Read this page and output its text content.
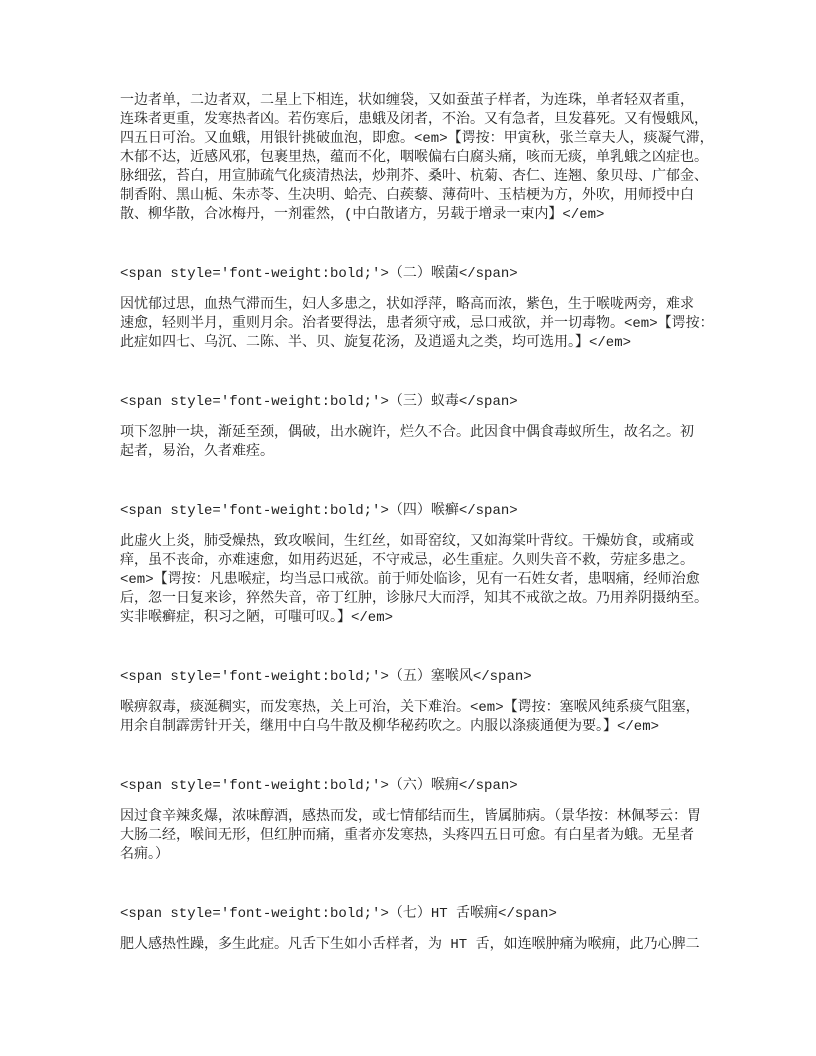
一边者单，二边者双，二星上下相连，状如缠袋，又如蚕茧子样者，为连珠，单者轻双者重，
连珠者更重，发寒热者凶。若伤寒后，患蛾及闭者，不治。又有急者，旦发暮死。又有慢蛾风，
四五日可治。又血蛾，用银针挑破血泡，即愈。<em>【谔按：甲寅秋，张兰章夫人，痰凝气滞，
木郁不达，近感风邪，包裹里热，蕴而不化，咽喉偏右白腐头痛，咳而无痰，单乳蛾之凶症也。
脉细弦，苔白，用宣肺疏气化痰清热法，炒荆芥、桑叶、杭菊、杏仁、连翘、象贝母、广郁金、
制香附、黑山栀、朱赤苓、生决明、蛤壳、白蒺藜、薄荷叶、玉桔梗为方，外吹，用师授中白
散、柳华散，合冰梅丹，一剂霍然，(中白散诸方，另载于增录一束内】</em>
<span style='font-weight:bold;'>（二）喉菌</span>
因忧郁过思，血热气滞而生，妇人多患之，状如浮萍，略高而浓，紫色，生于喉咙两旁，难求
速愈，轻则半月，重则月余。治者要得法，患者须守戒，忌口戒欲，并一切毒物。<em>【谔按：
此症如四七、乌沉、二陈、半、贝、旋复花汤，及逍遥丸之类，均可选用。】</em>
<span style='font-weight:bold;'>（三）蚁毒</span>
项下忽肿一块，渐延至颈，偶破，出水碗许，烂久不合。此因食中偶食毒蚁所生，故名之。初
起者，易治，久者难痊。
<span style='font-weight:bold;'>（四）喉癣</span>
此虚火上炎，肺受燥热，致攻喉间，生红丝，如哥窑纹，又如海棠叶背纹。干燥妨食，或痛或
痒，虽不丧命，亦难速愈，如用药迟延，不守戒忌，必生重症。久则失音不救，劳症多患之。
<em>【谔按：凡患喉症，均当忌口戒欲。前于师处临诊，见有一石姓女者，患咽痛，经师治愈
后，忽一日复来诊，猝然失音，帝丁红肿，诊脉尺大而浮，知其不戒欲之故。乃用养阴摄纳至。
实非喉癣症，积习之陋，可嗤可叹。】</em>
<span style='font-weight:bold;'>（五）塞喉风</span>
喉痹叙毒，痰涎稠实，而发寒热，关上可治，关下难治。<em>【谔按：塞喉风纯系痰气阻塞，
用余自制霹雳针开关，继用中白乌牛散及柳华秘药吹之。内服以涤痰通便为要。】</em>
<span style='font-weight:bold;'>（六）喉痈</span>
因过食辛辣炙爆，浓味醇酒，感热而发，或七情郁结而生，皆属肺病。（景华按：林佩琴云：胃
大肠二经，喉间无形，但红肿而痛，重者亦发寒热，头疼四五日可愈。有白星者为蛾。无星者
名痈。）
<span style='font-weight:bold;'>（七）HT 舌喉痈</span>
肥人感热性躁，多生此症。凡舌下生如小舌样者，为 HT 舌，如连喉肿痛为喉痈，此乃心脾二
